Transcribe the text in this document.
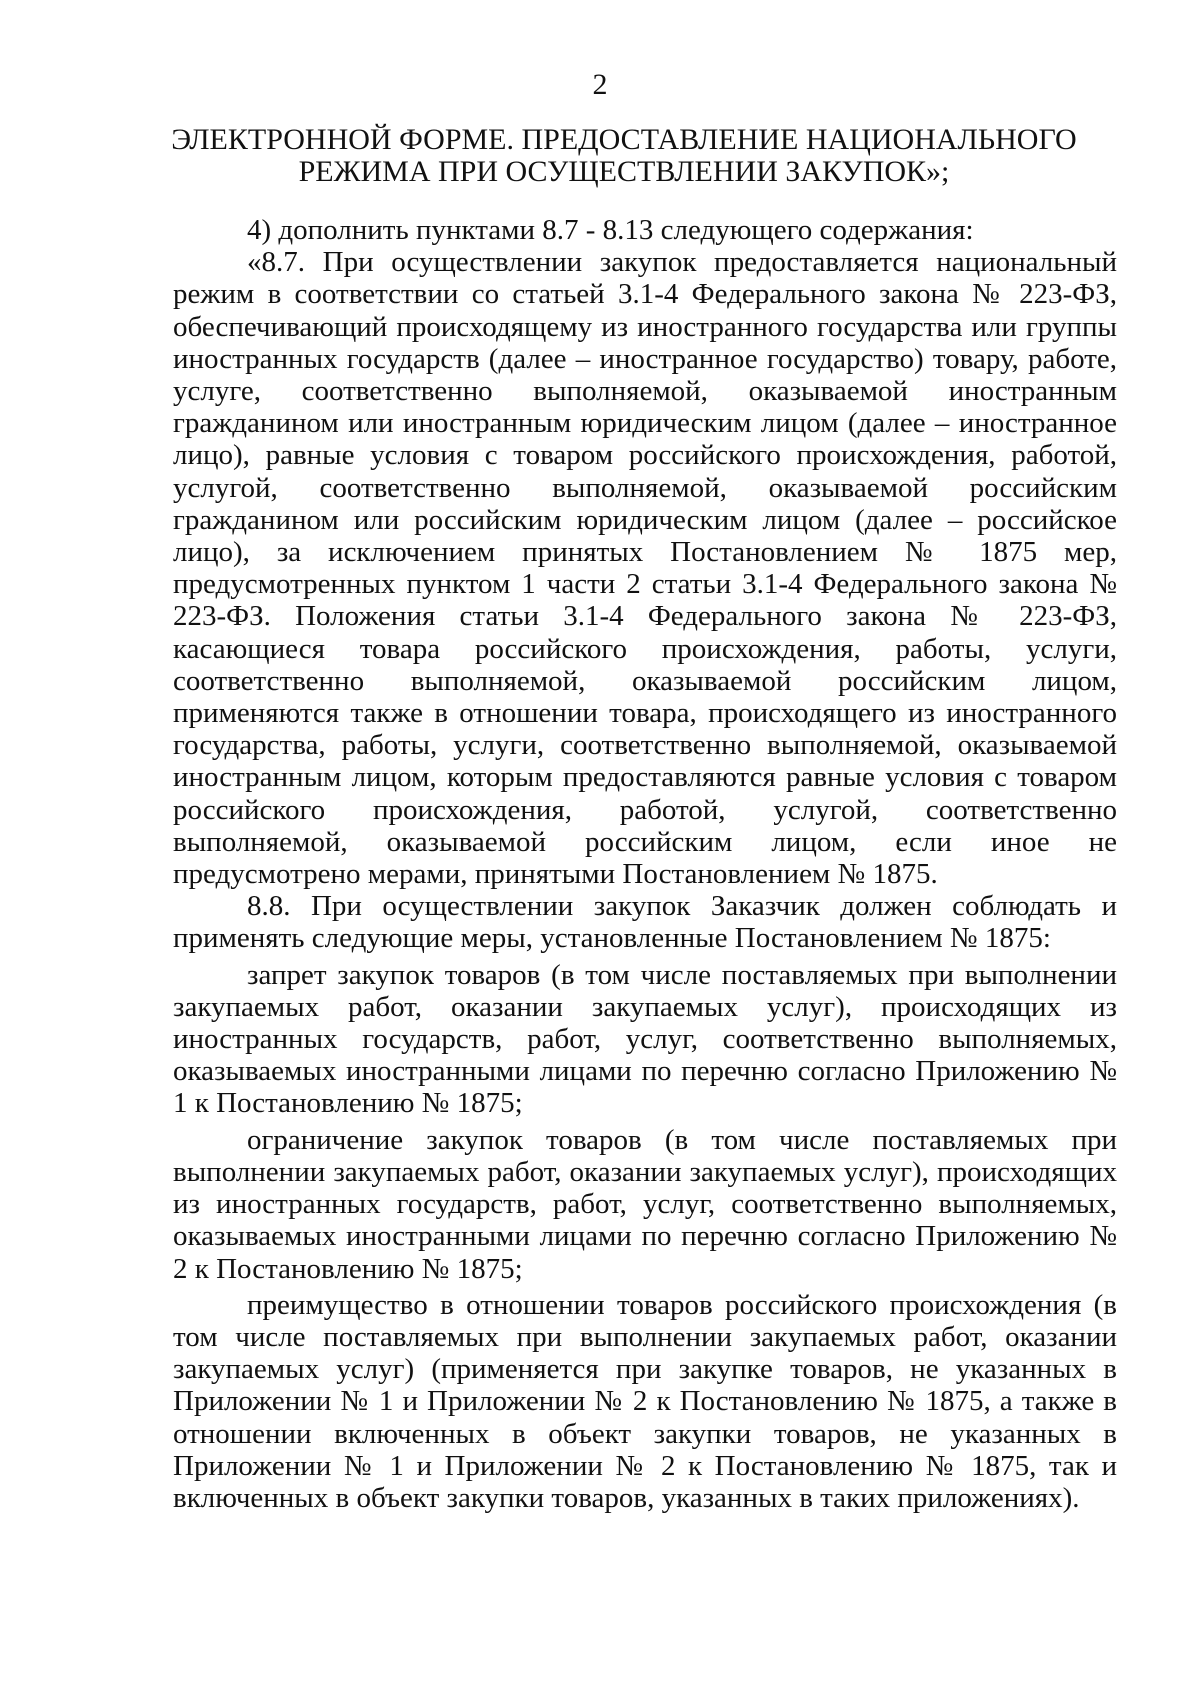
2
ЭЛЕКТРОННОЙ ФОРМЕ. ПРЕДОСТАВЛЕНИЕ НАЦИОНАЛЬНОГО
РЕЖИМА ПРИ ОСУЩЕСТВЛЕНИИ ЗАКУПОК»;

4) дополнить пунктами 8.7 - 8.13 следующего содержания:

«8.7. При осуществлении закупок предоставляется национальный режим в соответствии со статьей 3.1-4 Федерального закона № 223-ФЗ, обеспечивающий происходящему из иностранного государства или группы иностранных государств (далее – иностранное государство) товару, работе, услуге, соответственно выполняемой, оказываемой иностранным гражданином или иностранным юридическим лицом (далее – иностранное лицо), равные условия с товаром российского происхождения, работой, услугой, соответственно выполняемой, оказываемой российским гражданином или российским юридическим лицом (далее – российское лицо), за исключением принятых Постановлением № 1875 мер, предусмотренных пунктом 1 части 2 статьи 3.1-4 Федерального закона № 223-ФЗ. Положения статьи 3.1-4 Федерального закона № 223-ФЗ, касающиеся товара российского происхождения, работы, услуги, соответственно выполняемой, оказываемой российским лицом, применяются также в отношении товара, происходящего из иностранного государства, работы, услуги, соответственно выполняемой, оказываемой иностранным лицом, которым предоставляются равные условия с товаром российского происхождения, работой, услугой, соответственно выполняемой, оказываемой российским лицом, если иное не предусмотрено мерами, принятыми Постановлением № 1875.

8.8. При осуществлении закупок Заказчик должен соблюдать и применять следующие меры, установленные Постановлением № 1875:

запрет закупок товаров (в том числе поставляемых при выполнении закупаемых работ, оказании закупаемых услуг), происходящих из иностранных государств, работ, услуг, соответственно выполняемых, оказываемых иностранными лицами по перечню согласно Приложению № 1 к Постановлению № 1875;

ограничение закупок товаров (в том числе поставляемых при выполнении закупаемых работ, оказании закупаемых услуг), происходящих из иностранных государств, работ, услуг, соответственно выполняемых, оказываемых иностранными лицами по перечню согласно Приложению № 2 к Постановлению № 1875;

преимущество в отношении товаров российского происхождения (в том числе поставляемых при выполнении закупаемых работ, оказании закупаемых услуг) (применяется при закупке товаров, не указанных в Приложении № 1 и Приложении № 2 к Постановлению № 1875, а также в отношении включенных в объект закупки товаров, не указанных в Приложении № 1 и Приложении № 2 к Постановлению № 1875, так и включенных в объект закупки товаров, указанных в таких приложениях).
